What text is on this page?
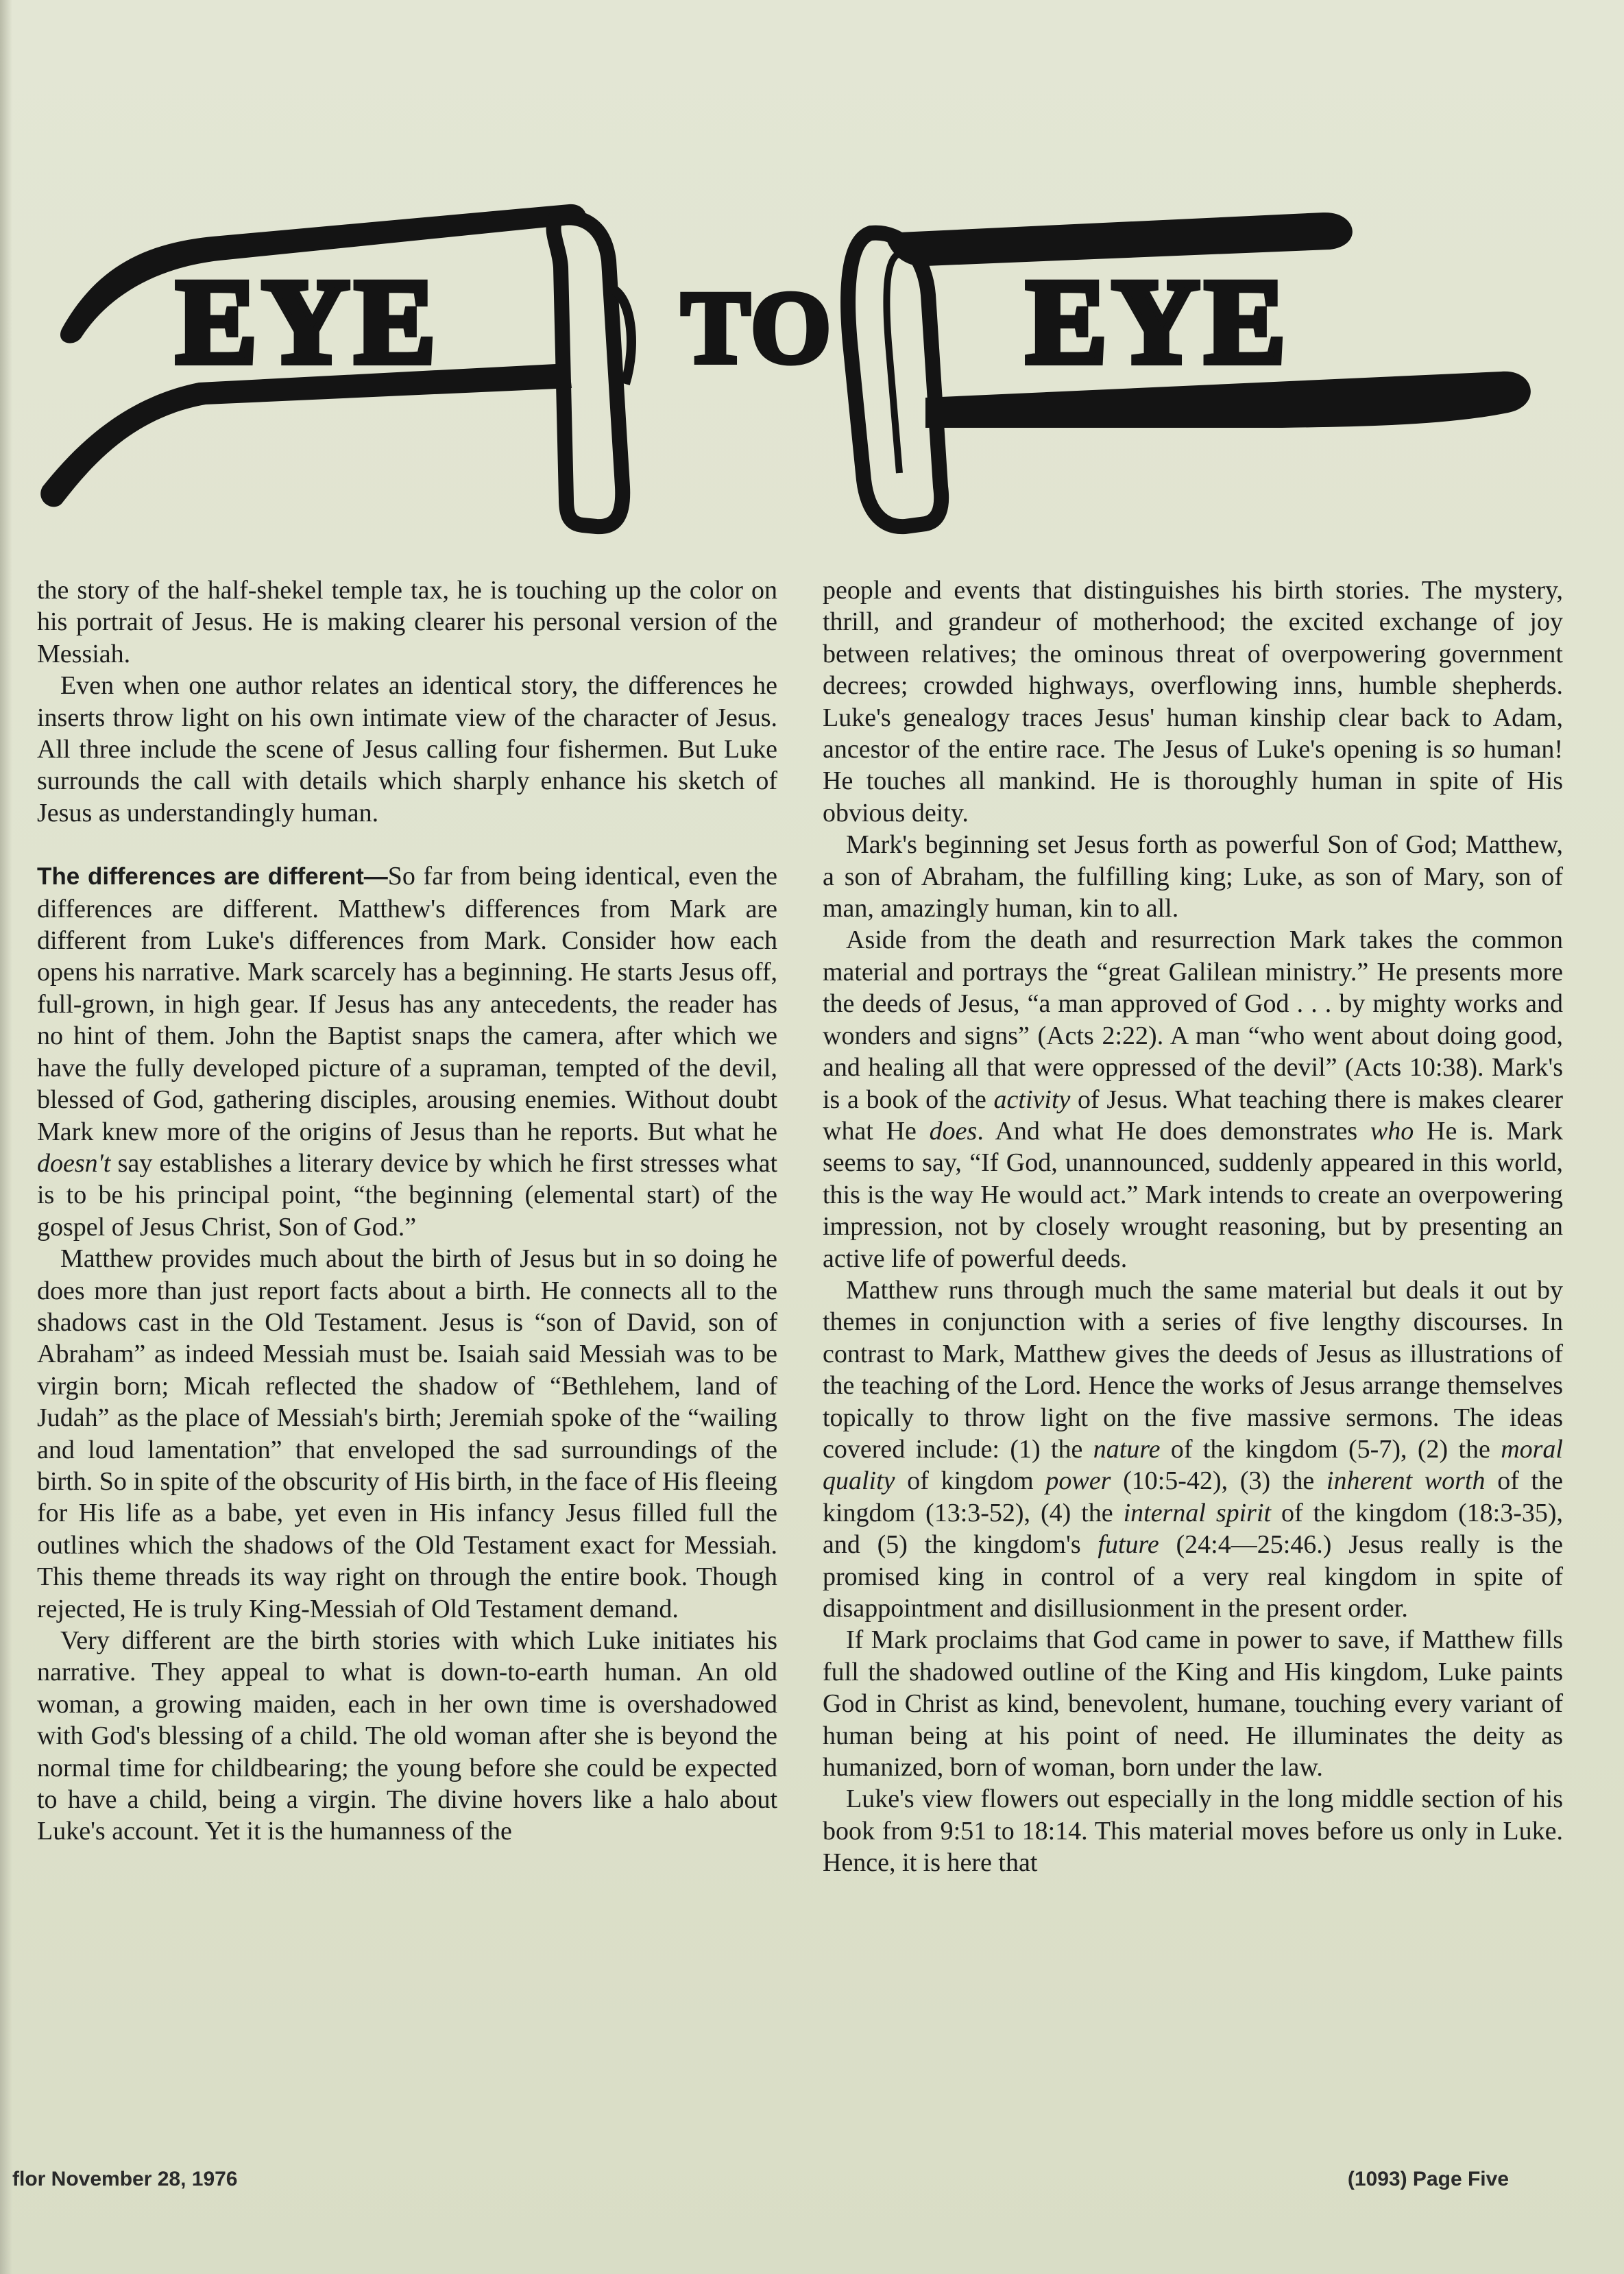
EYE TO EYE

the story of the half-shekel temple tax, he is touching up the color on his portrait of Jesus. He is making clearer his personal version of the Messiah.

Even when one author relates an identical story, the differences he inserts throw light on his own intimate view of the character of Jesus. All three include the scene of Jesus calling four fishermen. But Luke surrounds the call with details which sharply enhance his sketch of Jesus as understandingly human.

The differences are different—So far from being identical, even the differences are different. Matthew's differences from Mark are different from Luke's differences from Mark. Consider how each opens his narrative. Mark scarcely has a beginning. He starts Jesus off, full-grown, in high gear. If Jesus has any antecedents, the reader has no hint of them. John the Baptist snaps the camera, after which we have the fully developed picture of a supraman, tempted of the devil, blessed of God, gathering disciples, arousing enemies. Without doubt Mark knew more of the origins of Jesus than he reports. But what he doesn't say establishes a literary device by which he first stresses what is to be his principal point, “the beginning (elemental start) of the gospel of Jesus Christ, Son of God.”

Matthew provides much about the birth of Jesus but in so doing he does more than just report facts about a birth. He connects all to the shadows cast in the Old Testament. Jesus is “son of David, son of Abraham” as indeed Messiah must be. Isaiah said Messiah was to be virgin born; Micah reflected the shadow of “Bethlehem, land of Judah” as the place of Messiah's birth; Jeremiah spoke of the “wailing and loud lamentation” that enveloped the sad surroundings of the birth. So in spite of the obscurity of His birth, in the face of His fleeing for His life as a babe, yet even in His infancy Jesus filled full the outlines which the shadows of the Old Testament exact for Messiah. This theme threads its way right on through the entire book. Though rejected, He is truly King-Messiah of Old Testament demand.

Very different are the birth stories with which Luke initiates his narrative. They appeal to what is down-to-earth human. An old woman, a growing maiden, each in her own time is overshadowed with God's blessing of a child. The old woman after she is beyond the normal time for childbearing; the young before she could be expected to have a child, being a virgin. The divine hovers like a halo about Luke's account. Yet it is the humanness of the

people and events that distinguishes his birth stories. The mystery, thrill, and grandeur of motherhood; the excited exchange of joy between relatives; the ominous threat of overpowering government decrees; crowded highways, overflowing inns, humble shepherds. Luke's genealogy traces Jesus' human kinship clear back to Adam, ancestor of the entire race. The Jesus of Luke's opening is so human! He touches all mankind. He is thoroughly human in spite of His obvious deity.

Mark's beginning set Jesus forth as powerful Son of God; Matthew, a son of Abraham, the fulfilling king; Luke, as son of Mary, son of man, amazingly human, kin to all.

Aside from the death and resurrection Mark takes the common material and portrays the “great Galilean ministry.” He presents more the deeds of Jesus, “a man approved of God . . . by mighty works and wonders and signs” (Acts 2:22). A man “who went about doing good, and healing all that were oppressed of the devil” (Acts 10:38). Mark's is a book of the activity of Jesus. What teaching there is makes clearer what He does. And what He does demonstrates who He is. Mark seems to say, “If God, unannounced, suddenly appeared in this world, this is the way He would act.” Mark intends to create an overpowering impression, not by closely wrought reasoning, but by presenting an active life of powerful deeds.

Matthew runs through much the same material but deals it out by themes in conjunction with a series of five lengthy discourses. In contrast to Mark, Matthew gives the deeds of Jesus as illustrations of the teaching of the Lord. Hence the works of Jesus arrange themselves topically to throw light on the five massive sermons. The ideas covered include: (1) the nature of the kingdom (5-7), (2) the moral quality of kingdom power (10:5-42), (3) the inherent worth of the kingdom (13:3-52), (4) the internal spirit of the kingdom (18:3-35), and (5) the kingdom's future (24:4—25:46.) Jesus really is the promised king in control of a very real kingdom in spite of disappointment and disillusionment in the present order.

If Mark proclaims that God came in power to save, if Matthew fills full the shadowed outline of the King and His kingdom, Luke paints God in Christ as kind, benevolent, humane, touching every variant of human being at his point of need. He illuminates the deity as humanized, born of woman, born under the law.

Luke's view flowers out especially in the long middle section of his book from 9:51 to 18:14. This material moves before us only in Luke. Hence, it is here that

flor November 28, 1976	(1093) Page Five
